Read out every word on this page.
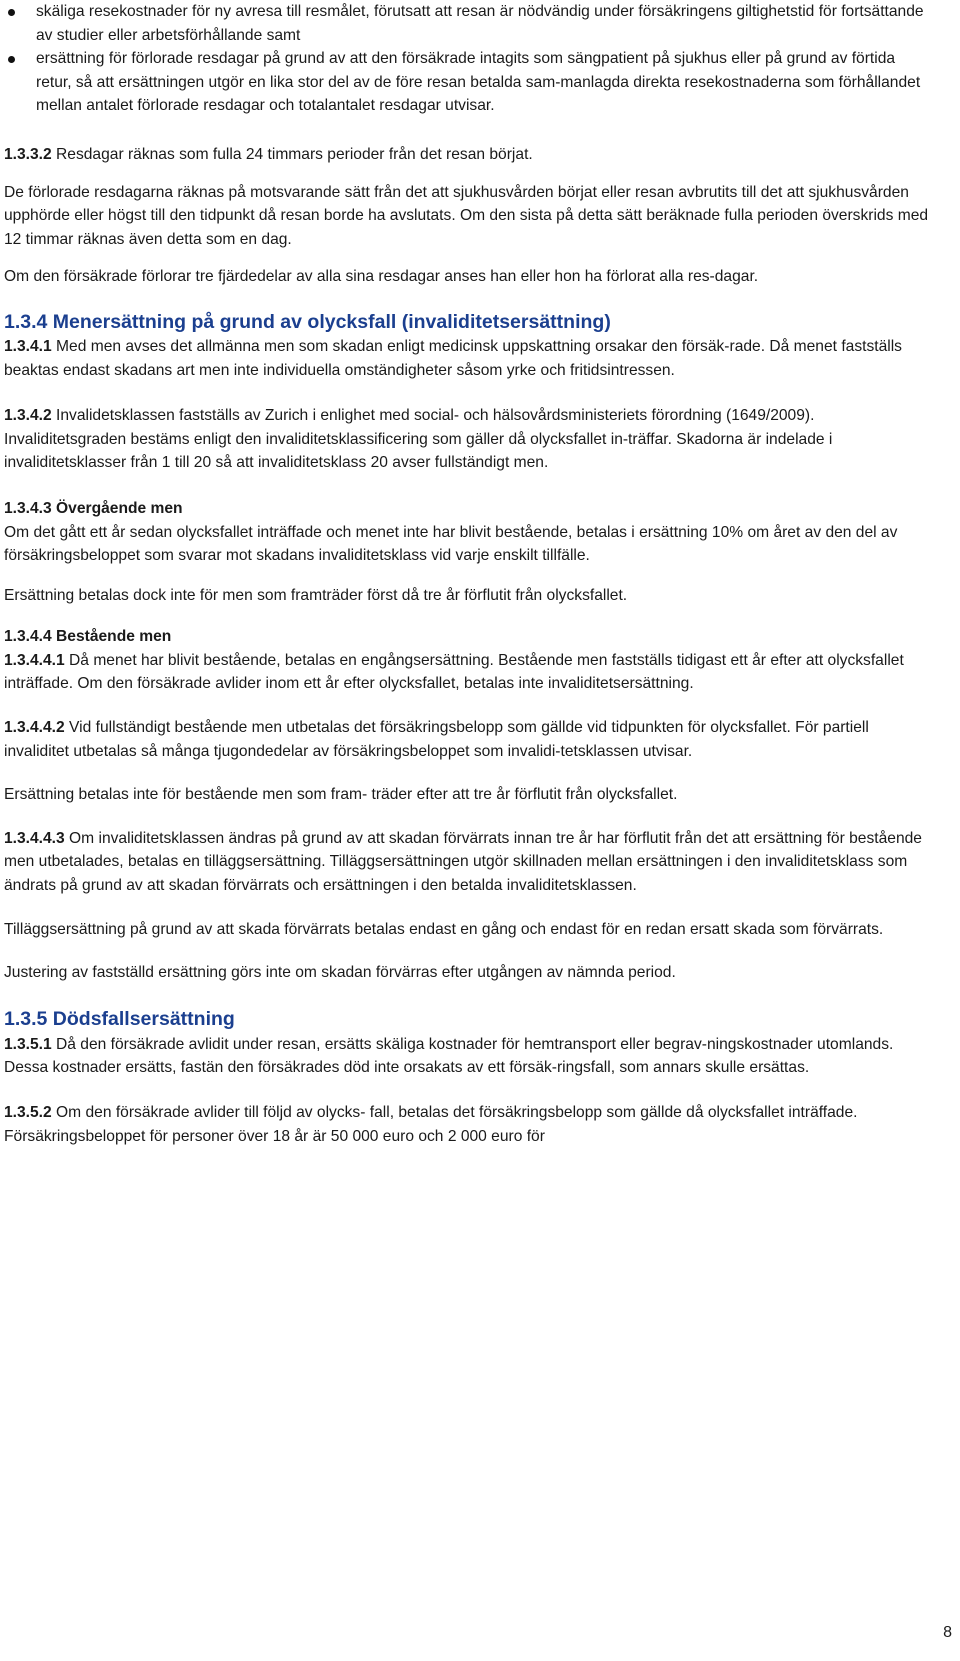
skäliga resekostnader för ny avresa till resmålet, förutsatt att resan är nödvändig under försäkringens giltighetstid för fortsättande av studier eller arbetsförhållande samt
ersättning för förlorade resdagar på grund av att den försäkrade intagits som sängpatient på sjukhus eller på grund av förtida retur, så att ersättningen utgör en lika stor del av de före resan betalda sam-manlagda direkta resekostnaderna som förhållandet mellan antalet förlorade resdagar och totalantalet resdagar utvisar.

1.3.3.2 Resdagar räknas som fulla 24 timmars perioder från det resan börjat.

De förlorade resdagarna räknas på motsvarande sätt från det att sjukhusvården börjat eller resan avbrutits till det att sjukhusvården upphörde eller högst till den tidpunkt då resan borde ha avslutats. Om den sista på detta sätt beräknade fulla perioden överskrids med 12 timmar räknas även detta som en dag.

Om den försäkrade förlorar tre fjärdedelar av alla sina resdagar anses han eller hon ha förlorat alla res-dagar.

1.3.4 Menersättning på grund av olycksfall (invaliditetsersättning)

1.3.4.1 Med men avses det allmänna men som skadan enligt medicinsk uppskattning orsakar den försäk-rade. Då menet fastställs beaktas endast skadans art men inte individuella omständigheter såsom yrke och fritidsintressen.

1.3.4.2 Invalidetsklassen fastställs av Zurich i enlighet med social- och hälsovårdsministeriets förordning (1649/2009). Invaliditetsgraden bestäms enligt den invaliditetsklassificering som gäller då olycksfallet in-träffar. Skadorna är indelade i invaliditetsklasser från 1 till 20 så att invaliditetsklass 20 avser fullständigt men.

1.3.4.3 Övergående men

Om det gått ett år sedan olycksfallet inträffade och menet inte har blivit bestående, betalas i ersättning 10% om året av den del av försäkringsbeloppet som svarar mot skadans invaliditetsklass vid varje enskilt tillfälle.

Ersättning betalas dock inte för men som framträder först då tre år förflutit från olycksfallet.

1.3.4.4 Bestående men

1.3.4.4.1 Då menet har blivit bestående, betalas en engångsersättning. Bestående men fastställs tidigast ett år efter att olycksfallet inträffade. Om den försäkrade avlider inom ett år efter olycksfallet, betalas inte invaliditetsersättning.

1.3.4.4.2 Vid fullständigt bestående men utbetalas det försäkringsbelopp som gällde vid tidpunkten för olycksfallet. För partiell invaliditet utbetalas så många tjugondedelar av försäkringsbeloppet som invalidi-tetsklassen utvisar.

Ersättning betalas inte för bestående men som fram- träder efter att tre år förflutit från olycksfallet.

1.3.4.4.3 Om invaliditetsklassen ändras på grund av att skadan förvärrats innan tre år har förflutit från det att ersättning för bestående men utbetalades, betalas en tilläggsersättning. Tilläggsersättningen utgör skillnaden mellan ersättningen i den invaliditetsklass som ändrats på grund av att skadan förvärrats och ersättningen i den betalda invaliditetsklassen.

Tilläggsersättning på grund av att skada förvärrats betalas endast en gång och endast för en redan ersatt skada som förvärrats.

Justering av fastställd ersättning görs inte om skadan förvärras efter utgången av nämnda period.

1.3.5 Dödsfallsersättning

1.3.5.1 Då den försäkrade avlidit under resan, ersätts skäliga kostnader för hemtransport eller begrav-ningskostnader utomlands. Dessa kostnader ersätts, fastän den försäkrades död inte orsakats av ett försäk-ringsfall, som annars skulle ersättas.

1.3.5.2 Om den försäkrade avlider till följd av olycks- fall, betalas det försäkringsbelopp som gällde då olycksfallet inträffade. Försäkringsbeloppet för personer över 18 år är 50 000 euro och 2 000 euro för

8
